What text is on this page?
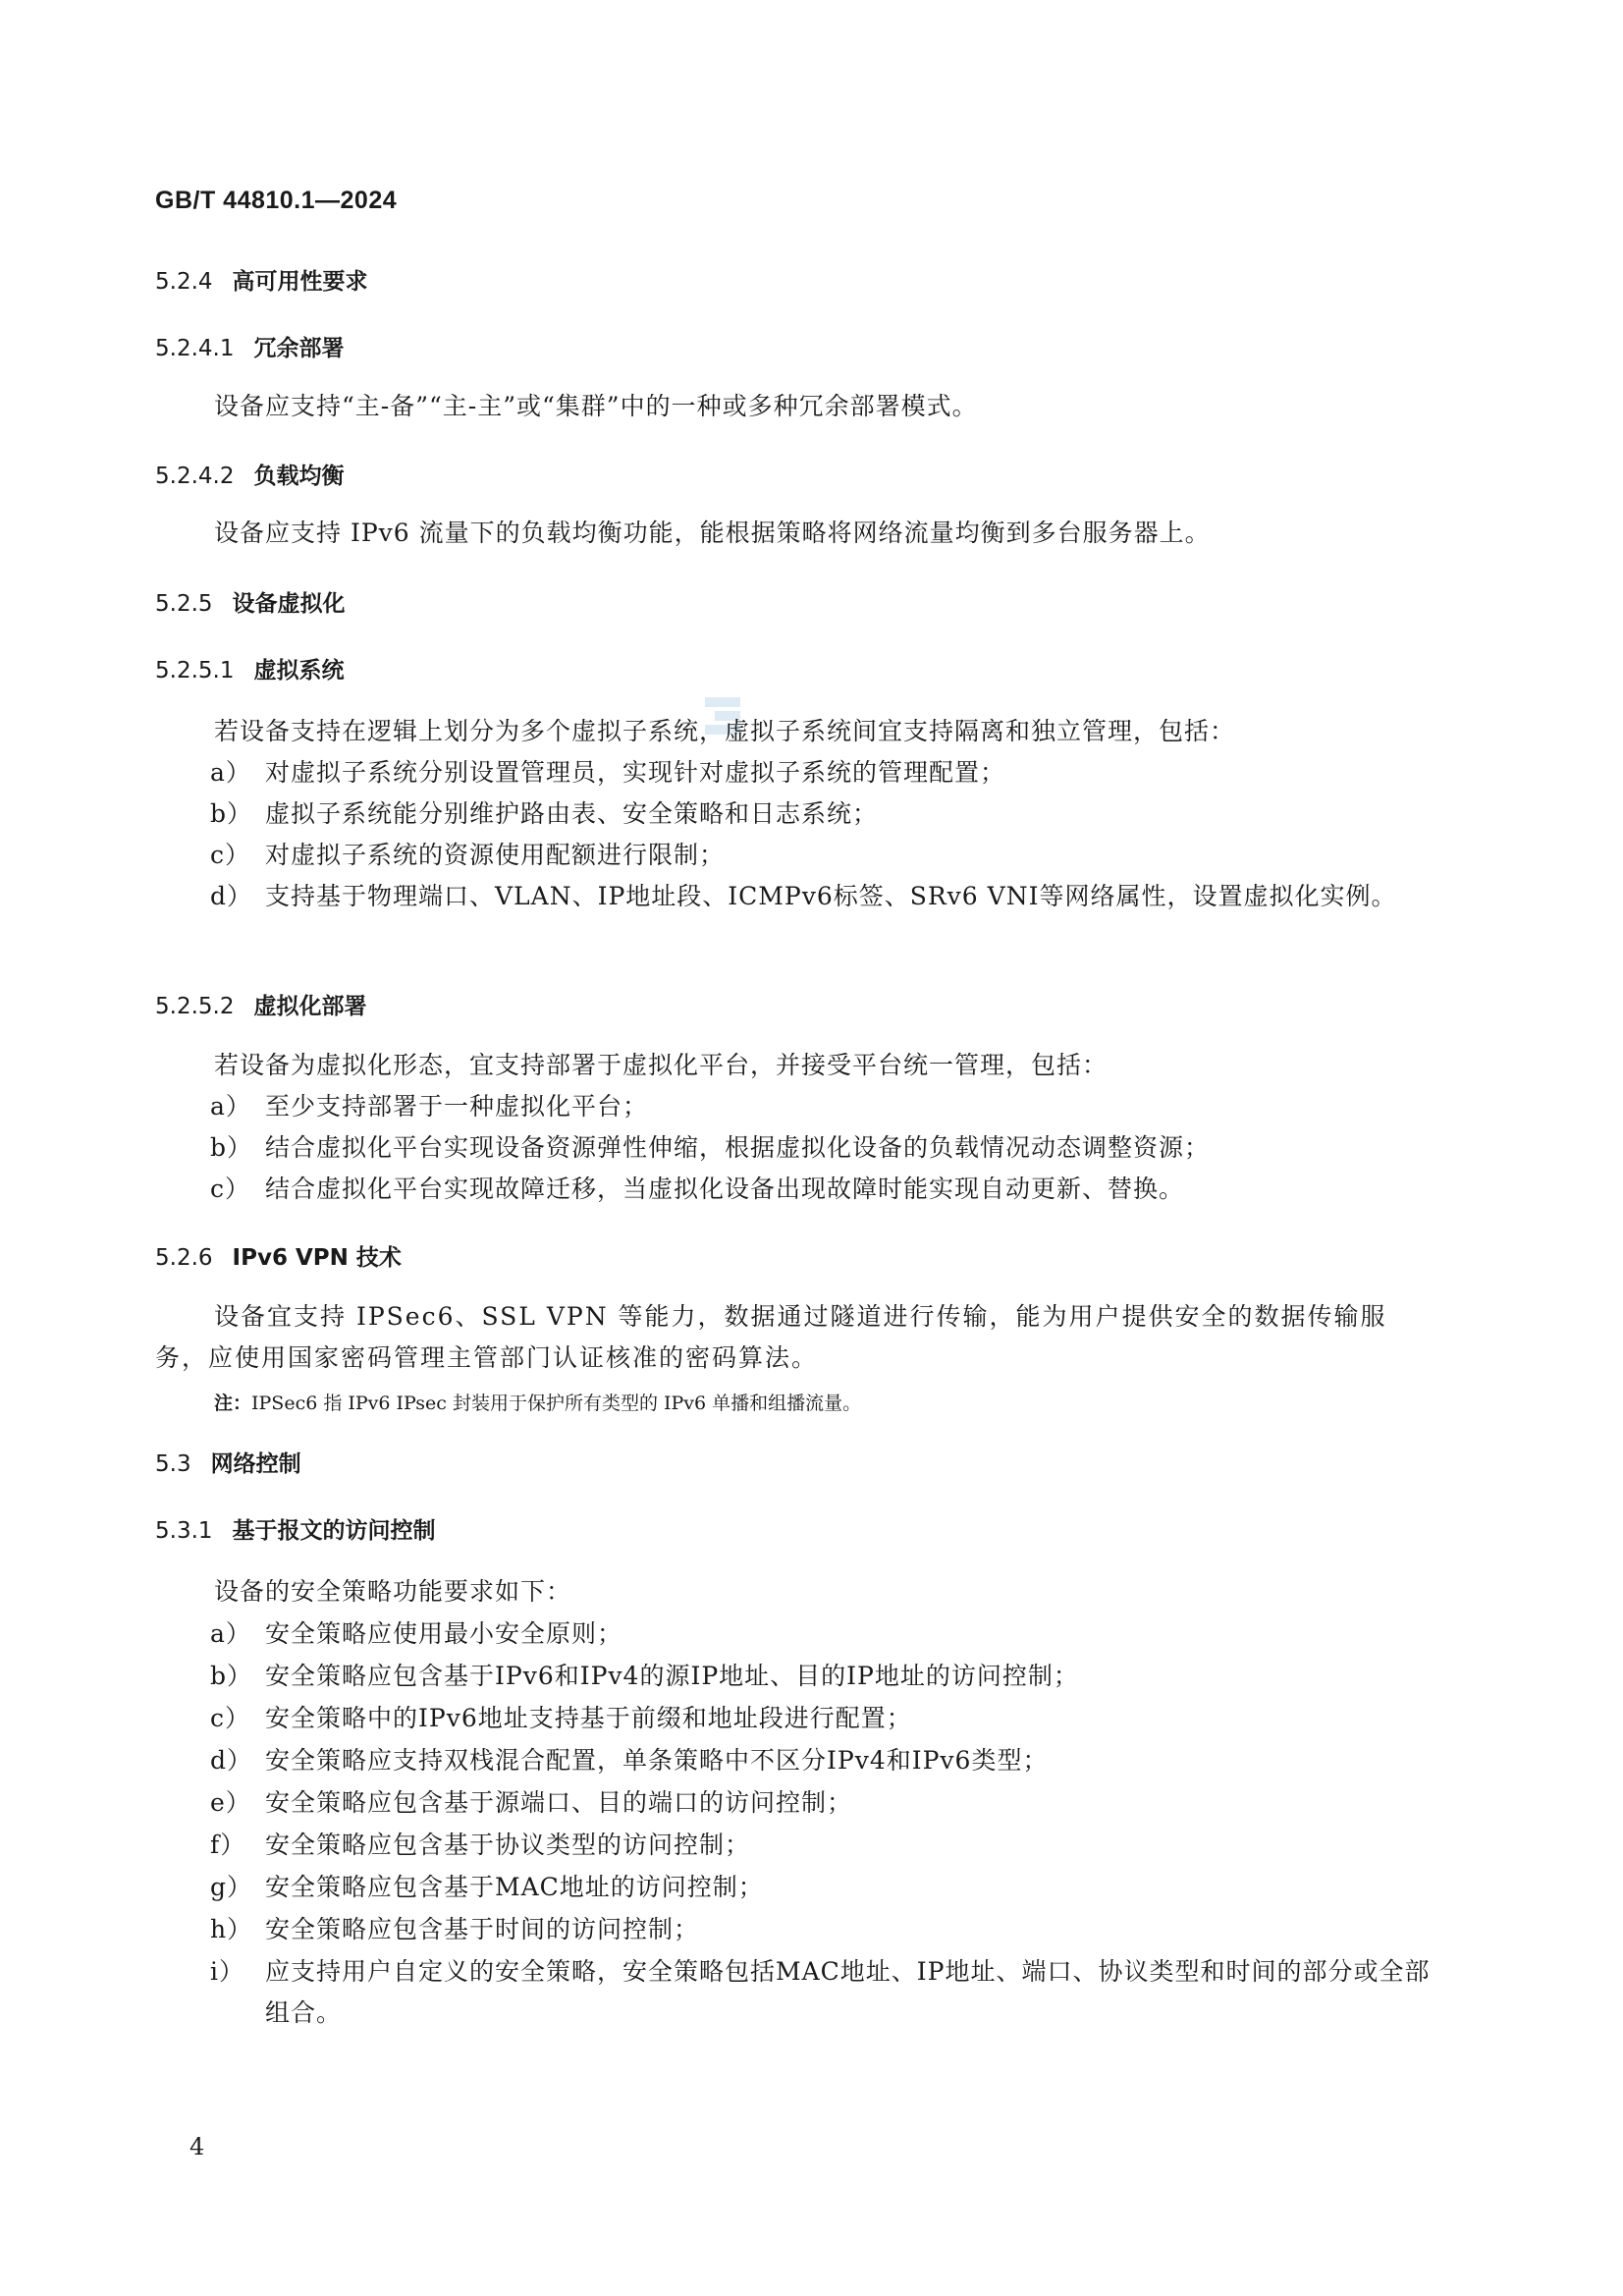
GB/T 44810.1—2024
5.2.4 高可用性要求
5.2.4.1 冗余部署
设备应支持“主-备”“主-主”或“集群”中的一种或多种冗余部署模式。
5.2.4.2 负载均衡
设备应支持 IPv6 流量下的负载均衡功能，能根据策略将网络流量均衡到多台服务器上。
5.2.5 设备虚拟化
5.2.5.1 虚拟系统
若设备支持在逻辑上划分为多个虚拟子系统，虚拟子系统间宜支持隔离和独立管理，包括：
a） 对虚拟子系统分别设置管理员，实现针对虚拟子系统的管理配置；
b） 虚拟子系统能分别维护路由表、安全策略和日志系统；
c） 对虚拟子系统的资源使用配额进行限制；
d） 支持基于物理端口、VLAN、IP地址段、ICMPv6标签、SRv6 VNI等网络属性，设置虚拟化实例。
5.2.5.2 虚拟化部署
若设备为虚拟化形态，宜支持部署于虚拟化平台，并接受平台统一管理，包括：
a） 至少支持部署于一种虚拟化平台；
b） 结合虚拟化平台实现设备资源弹性伸缩，根据虚拟化设备的负载情况动态调整资源；
c） 结合虚拟化平台实现故障迁移，当虚拟化设备出现故障时能实现自动更新、替换。
5.2.6 IPv6 VPN 技术
设备宜支持 IPSec6、SSL VPN 等能力，数据通过隧道进行传输，能为用户提供安全的数据传输服务，应使用国家密码管理主管部门认证核准的密码算法。
注：IPSec6 指 IPv6 IPsec 封装用于保护所有类型的 IPv6 单播和组播流量。
5.3 网络控制
5.3.1 基于报文的访问控制
设备的安全策略功能要求如下：
a） 安全策略应使用最小安全原则；
b） 安全策略应包含基于IPv6和IPv4的源IP地址、目的IP地址的访问控制；
c） 安全策略中的IPv6地址支持基于前缀和地址段进行配置；
d） 安全策略应支持双栈混合配置，单条策略中不区分IPv4和IPv6类型；
e） 安全策略应包含基于源端口、目的端口的访问控制；
f） 安全策略应包含基于协议类型的访问控制；
g） 安全策略应包含基于MAC地址的访问控制；
h） 安全策略应包含基于时间的访问控制；
i） 应支持用户自定义的安全策略，安全策略包括MAC地址、IP地址、端口、协议类型和时间的部分或全部组合。
4
